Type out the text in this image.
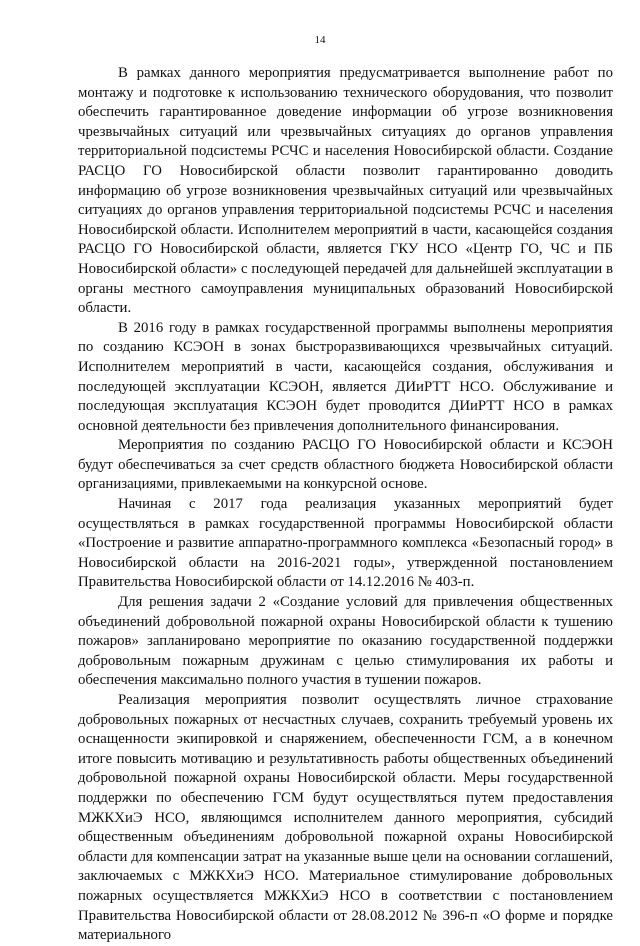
14

В рамках данного мероприятия предусматривается выполнение работ по монтажу и подготовке к использованию технического оборудования, что позволит обеспечить гарантированное доведение информации об угрозе возникновения чрезвычайных ситуаций или чрезвычайных ситуациях до органов управления территориальной подсистемы РСЧС и населения Новосибирской области. Создание РАСЦО ГО Новосибирской области позволит гарантированно доводить информацию об угрозе возникновения чрезвычайных ситуаций или чрезвычайных ситуациях до органов управления территориальной подсистемы РСЧС и населения Новосибирской области. Исполнителем мероприятий в части, касающейся создания РАСЦО ГО Новосибирской области, является ГКУ НСО «Центр ГО, ЧС и ПБ Новосибирской области» с последующей передачей для дальнейшей эксплуатации в органы местного самоуправления муниципальных образований Новосибирской области.

В 2016 году в рамках государственной программы выполнены мероприятия по созданию КСЭОН в зонах быстроразвивающихся чрезвычайных ситуаций. Исполнителем мероприятий в части, касающейся создания, обслуживания и последующей эксплуатации КСЭОН, является ДИиРТТ НСО. Обслуживание и последующая эксплуатация КСЭОН будет проводится ДИиРТТ НСО в рамках основной деятельности без привлечения дополнительного финансирования.

Мероприятия по созданию РАСЦО ГО Новосибирской области и КСЭОН будут обеспечиваться за счет средств областного бюджета Новосибирской области организациями, привлекаемыми на конкурсной основе.

Начиная с 2017 года реализация указанных мероприятий будет осуществляться в рамках государственной программы Новосибирской области «Построение и развитие аппаратно-программного комплекса «Безопасный город» в Новосибирской области на 2016-2021 годы», утвержденной постановлением Правительства Новосибирской области от 14.12.2016 № 403-п.

Для решения задачи 2 «Создание условий для привлечения общественных объединений добровольной пожарной охраны Новосибирской области к тушению пожаров» запланировано мероприятие по оказанию государственной поддержки добровольным пожарным дружинам с целью стимулирования их работы и обеспечения максимально полного участия в тушении пожаров.

Реализация мероприятия позволит осуществлять личное страхование добровольных пожарных от несчастных случаев, сохранить требуемый уровень их оснащенности экипировкой и снаряжением, обеспеченности ГСМ, а в конечном итоге повысить мотивацию и результативность работы общественных объединений добровольной пожарной охраны Новосибирской области. Меры государственной поддержки по обеспечению ГСМ будут осуществляться путем предоставления МЖКХиЭ НСО, являющимся исполнителем данного мероприятия, субсидий общественным объединениям добровольной пожарной охраны Новосибирской области для компенсации затрат на указанные выше цели на основании соглашений, заключаемых с МЖКХиЭ НСО. Материальное стимулирование добровольных пожарных осуществляется МЖКХиЭ НСО в соответствии с постановлением Правительства Новосибирской области от 28.08.2012 № 396-п «О форме и порядке материального
